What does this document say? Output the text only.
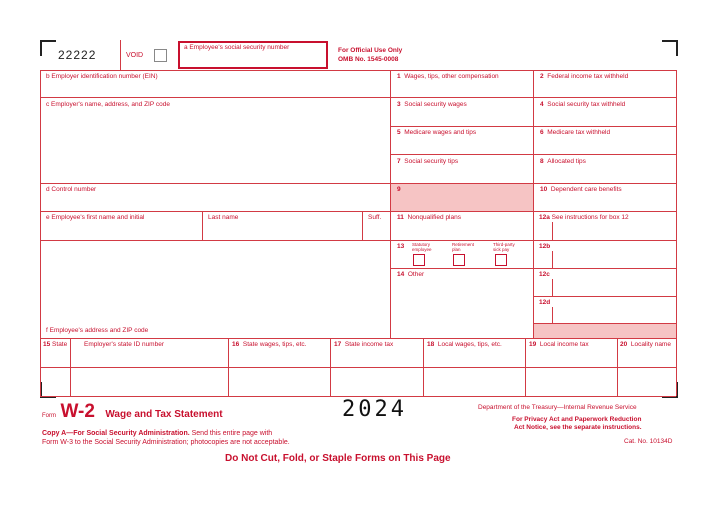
22222	VOID
a Employee's social security number	For Official Use Only
OMB No. 1545-0008
b Employer identification number (EIN)
c Employer's name, address, and ZIP code
d Control number
e Employee's first name and initial	Last name	Suff.
f Employee's address and ZIP code
1 Wages, tips, other compensation
3 Social security wages
5 Medicare wages and tips
7 Social security tips
9
11 Nonqualified plans
13 Statutory employee
Retirement plan
Third-party sick pay
14 Other
2 Federal income tax withheld
4 Social security tax withheld
6 Medicare tax withheld
8 Allocated tips
10 Dependent care benefits
12a See instructions for box 12
12b
12c
12d
15 State	Employer's state ID number	16 State wages, tips, etc.	17 State income tax	18 Local wages, tips, etc.	19 Local income tax	20 Locality name
Form W-2 Wage and Tax Statement	2024
Copy A—For Social Security Administration. Send this entire page with
Form W-3 to the Social Security Administration; photocopies are not acceptable.
Department of the Treasury—Internal Revenue Service
For Privacy Act and Paperwork Reduction
Act Notice, see the separate instructions.
Cat. No. 10134D
Do Not Cut, Fold, or Staple Forms on This Page
